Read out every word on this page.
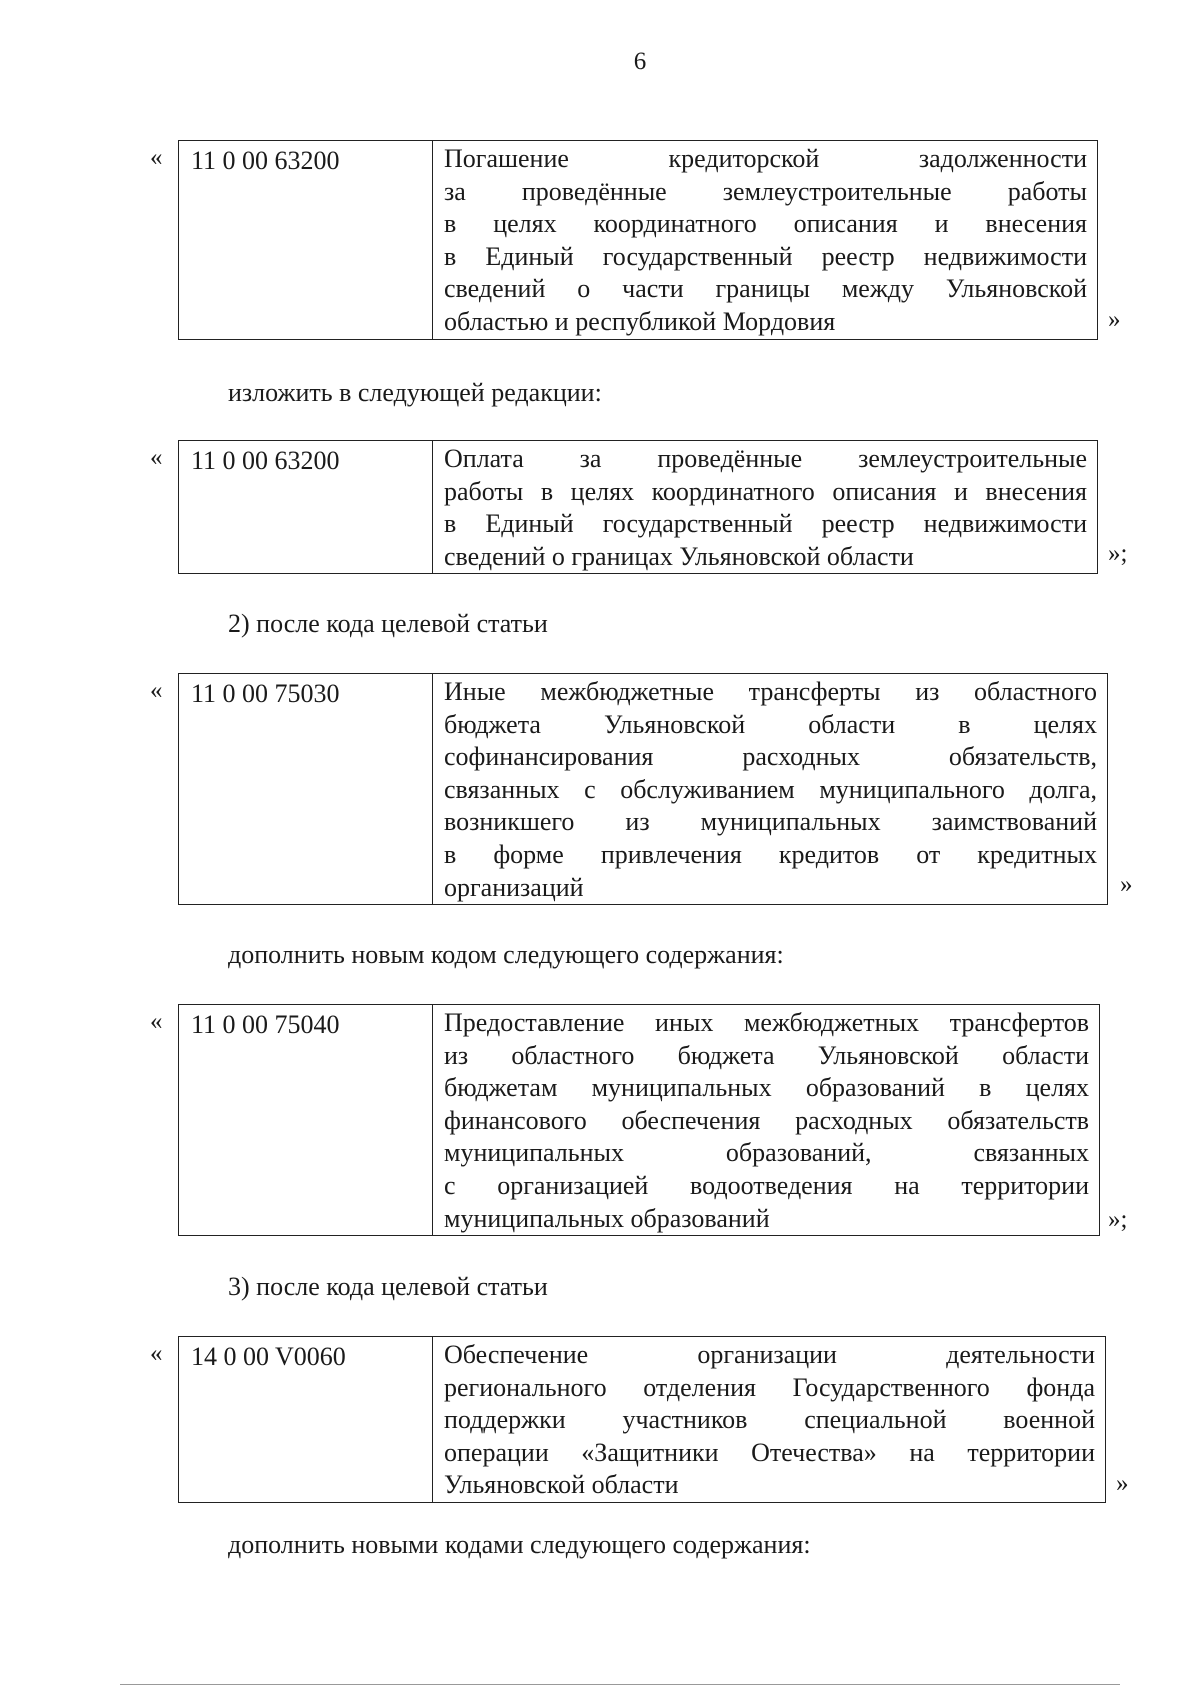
6
« 11 0 00 63200	Погашение кредиторской задолженности
за проведённые землеустроительные работы
в целях координатного описания и внесения
в Единый государственный реестр недвижимости
сведений о части границы между Ульяновской
областью и республикой Мордовия	»
изложить в следующей редакции:
« 11 0 00 63200	Оплата за проведённые землеустроительные
работы в целях координатного описания и внесения
в Единый государственный реестр недвижимости
сведений о границах Ульяновской области	»;
2) после кода целевой статьи
« 11 0 00 75030	Иные межбюджетные трансферты из областного
бюджета Ульяновской области в целях
софинансирования расходных обязательств,
связанных с обслуживанием муниципального долга,
возникшего из муниципальных заимствований
в форме привлечения кредитов от кредитных
организаций	»
дополнить новым кодом следующего содержания:
« 11 0 00 75040	Предоставление иных межбюджетных трансфертов
из областного бюджета Ульяновской области
бюджетам муниципальных образований в целях
финансового обеспечения расходных обязательств
муниципальных образований, связанных
с организацией водоотведения на территории
муниципальных образований	»;
3) после кода целевой статьи
« 14 0 00 V0060	Обеспечение организации деятельности
регионального отделения Государственного фонда
поддержки участников специальной военной
операции «Защитники Отечества» на территории
Ульяновской области	»
дополнить новыми кодами следующего содержания:
